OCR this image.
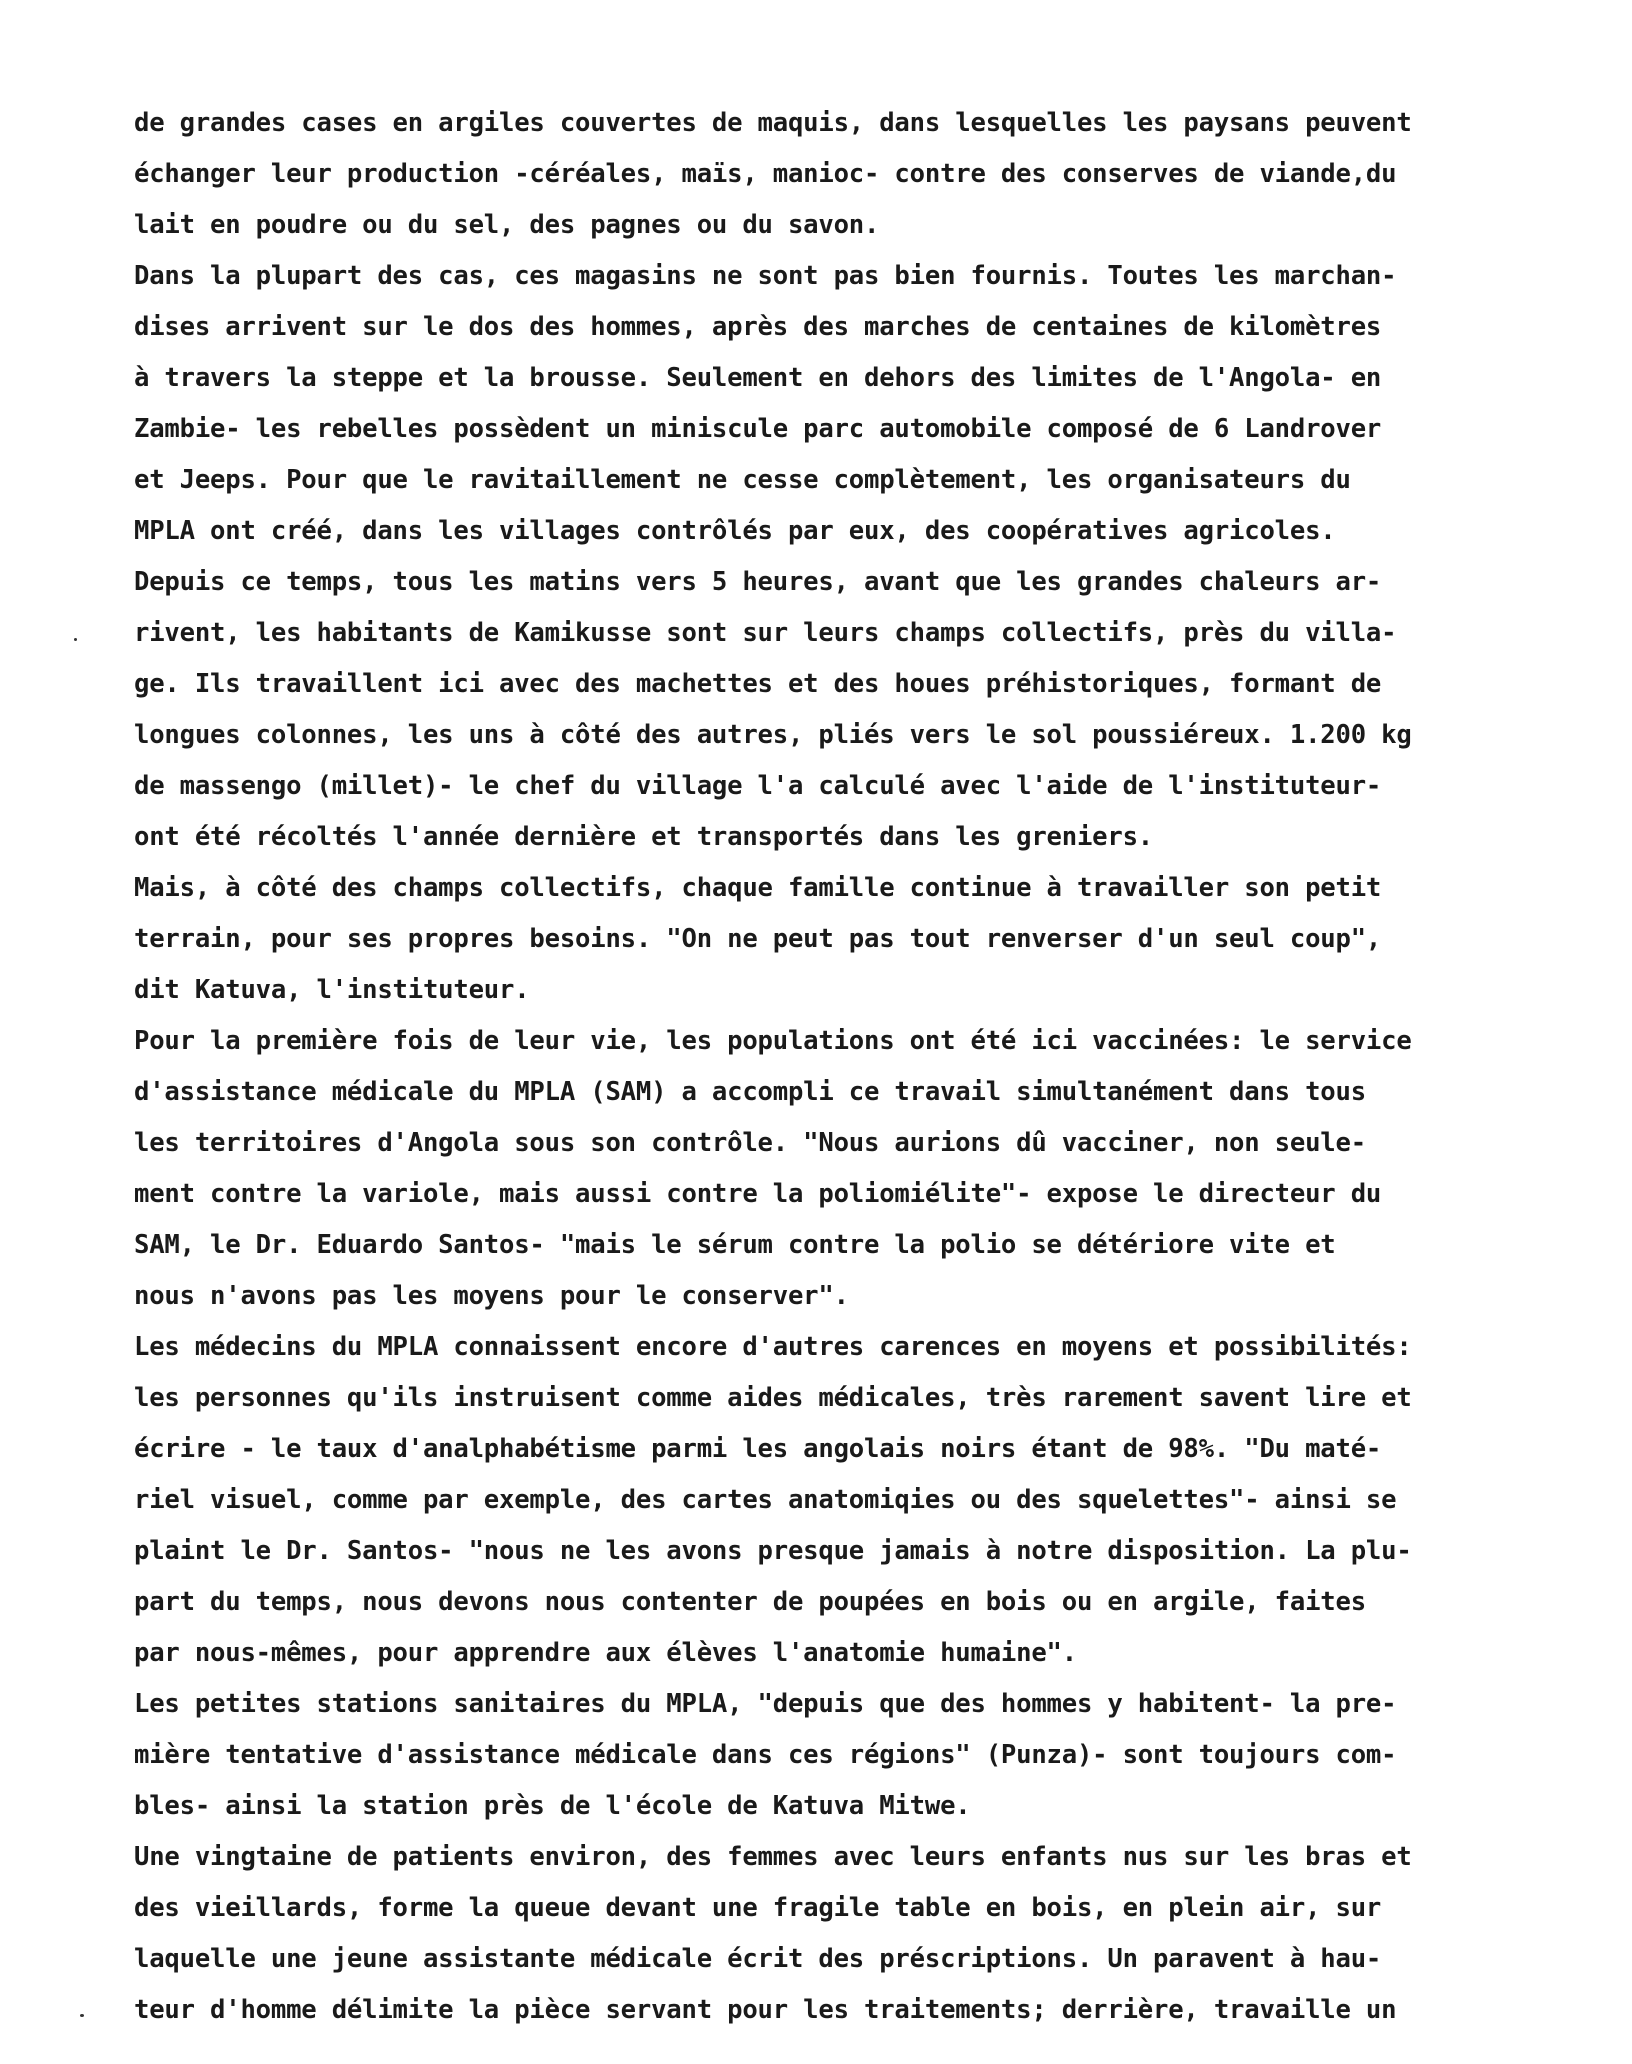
de grandes cases en argiles couvertes de maquis, dans lesquelles les paysans peuvent
échanger leur production -céréales, maïs, manioc- contre des conserves de viande,du
lait en poudre ou du sel, des pagnes ou du savon.
Dans la plupart des cas, ces magasins ne sont pas bien fournis. Toutes les marchan-
dises arrivent sur le dos des hommes, après des marches de centaines de kilomètres
à travers la steppe et la brousse. Seulement en dehors des limites de l'Angola- en
Zambie- les rebelles possèdent un miniscule parc automobile composé de 6 Landrover
et Jeeps. Pour que le ravitaillement ne cesse complètement, les organisateurs du
MPLA ont créé, dans les villages contrôlés par eux, des coopératives agricoles.
Depuis ce temps, tous les matins vers 5 heures, avant que les grandes chaleurs ar-
rivent, les habitants de Kamikusse sont sur leurs champs collectifs, près du villa-
ge. Ils travaillent ici avec des machettes et des houes préhistoriques, formant de
longues colonnes, les uns à côté des autres, pliés vers le sol poussiéreux. 1.200 kg
de massengo (millet)- le chef du village l'a calculé avec l'aide de l'instituteur-
ont été récoltés l'année dernière et transportés dans les greniers.
Mais, à côté des champs collectifs, chaque famille continue à travailler son petit
terrain, pour ses propres besoins. "On ne peut pas tout renverser d'un seul coup",
dit Katuva, l'instituteur.
Pour la première fois de leur vie, les populations ont été ici vaccinées: le service
d'assistance médicale du MPLA (SAM) a accompli ce travail simultanément dans tous
les territoires d'Angola sous son contrôle. "Nous aurions dû vacciner, non seule-
ment contre la variole, mais aussi contre la poliomiélite"- expose le directeur du
SAM, le Dr. Eduardo Santos- "mais le sérum contre la polio se détériore vite et
nous n'avons pas les moyens pour le conserver".
Les médecins du MPLA connaissent encore d'autres carences en moyens et possibilités:
les personnes qu'ils instruisent comme aides médicales, très rarement savent lire et
écrire - le taux d'analphabétisme parmi les angolais noirs étant de 98%. "Du maté-
riel visuel, comme par exemple, des cartes anatomiqies ou des squelettes"- ainsi se
plaint le Dr. Santos- "nous ne les avons presque jamais à notre disposition. La plu-
part du temps, nous devons nous contenter de poupées en bois ou en argile, faites
par nous-mêmes, pour apprendre aux élèves l'anatomie humaine".
Les petites stations sanitaires du MPLA, "depuis que des hommes y habitent- la pre-
mière tentative d'assistance médicale dans ces régions" (Punza)- sont toujours com-
bles- ainsi la station près de l'école de Katuva Mitwe.
Une vingtaine de patients environ, des femmes avec leurs enfants nus sur les bras et
des vieillards, forme la queue devant une fragile table en bois, en plein air, sur
laquelle une jeune assistante médicale écrit des préscriptions. Un paravent à hau-
teur d'homme délimite la pièce servant pour les traitements; derrière, travaille un
